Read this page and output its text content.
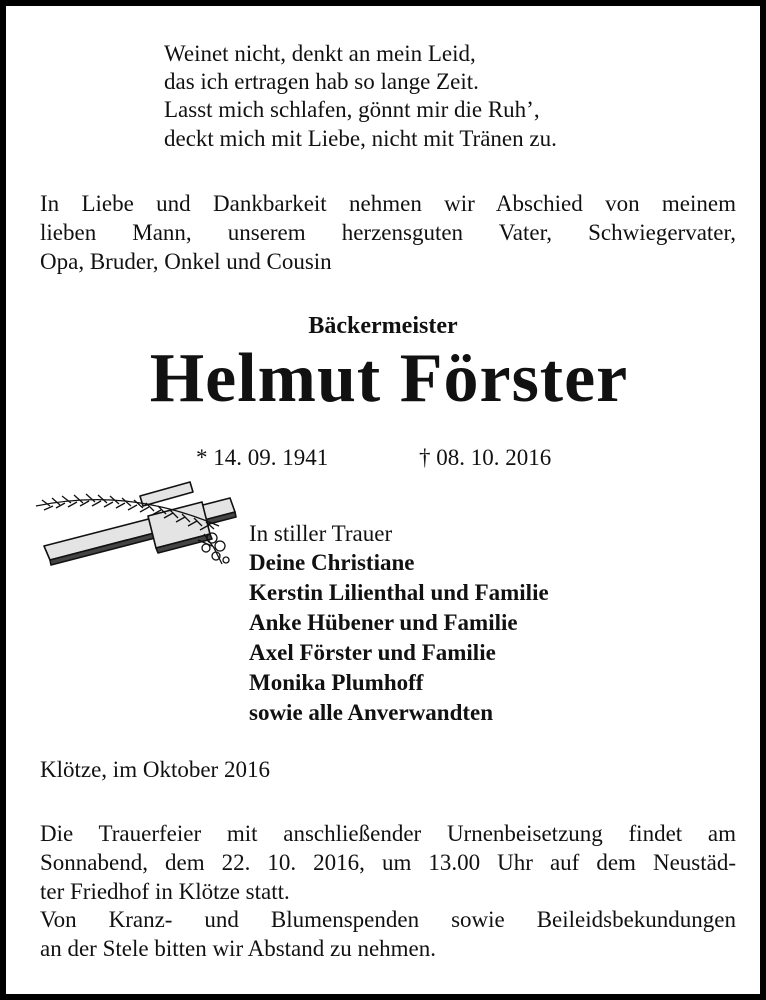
Weinet nicht, denkt an mein Leid,
das ich ertragen hab so lange Zeit.
Lasst mich schlafen, gönnt mir die Ruh’,
deckt mich mit Liebe, nicht mit Tränen zu.
In Liebe und Dankbarkeit nehmen wir Abschied von meinem
lieben Mann, unserem herzensguten Vater, Schwiegervater,
Opa, Bruder, Onkel und Cousin
Bäckermeister
Helmut Förster
* 14. 09. 1941	† 08. 10. 2016
In stiller Trauer
Deine Christiane
Kerstin Lilienthal und Familie
Anke Hübener und Familie
Axel Förster und Familie
Monika Plumhoff
sowie alle Anverwandten
Klötze, im Oktober 2016
Die Trauerfeier mit anschließender Urnenbeisetzung findet am
Sonnabend, dem 22. 10. 2016, um 13.00 Uhr auf dem Neustäd-
ter Friedhof in Klötze statt.
Von Kranz- und Blumenspenden sowie Beileidsbekundungen
an der Stele bitten wir Abstand zu nehmen.
